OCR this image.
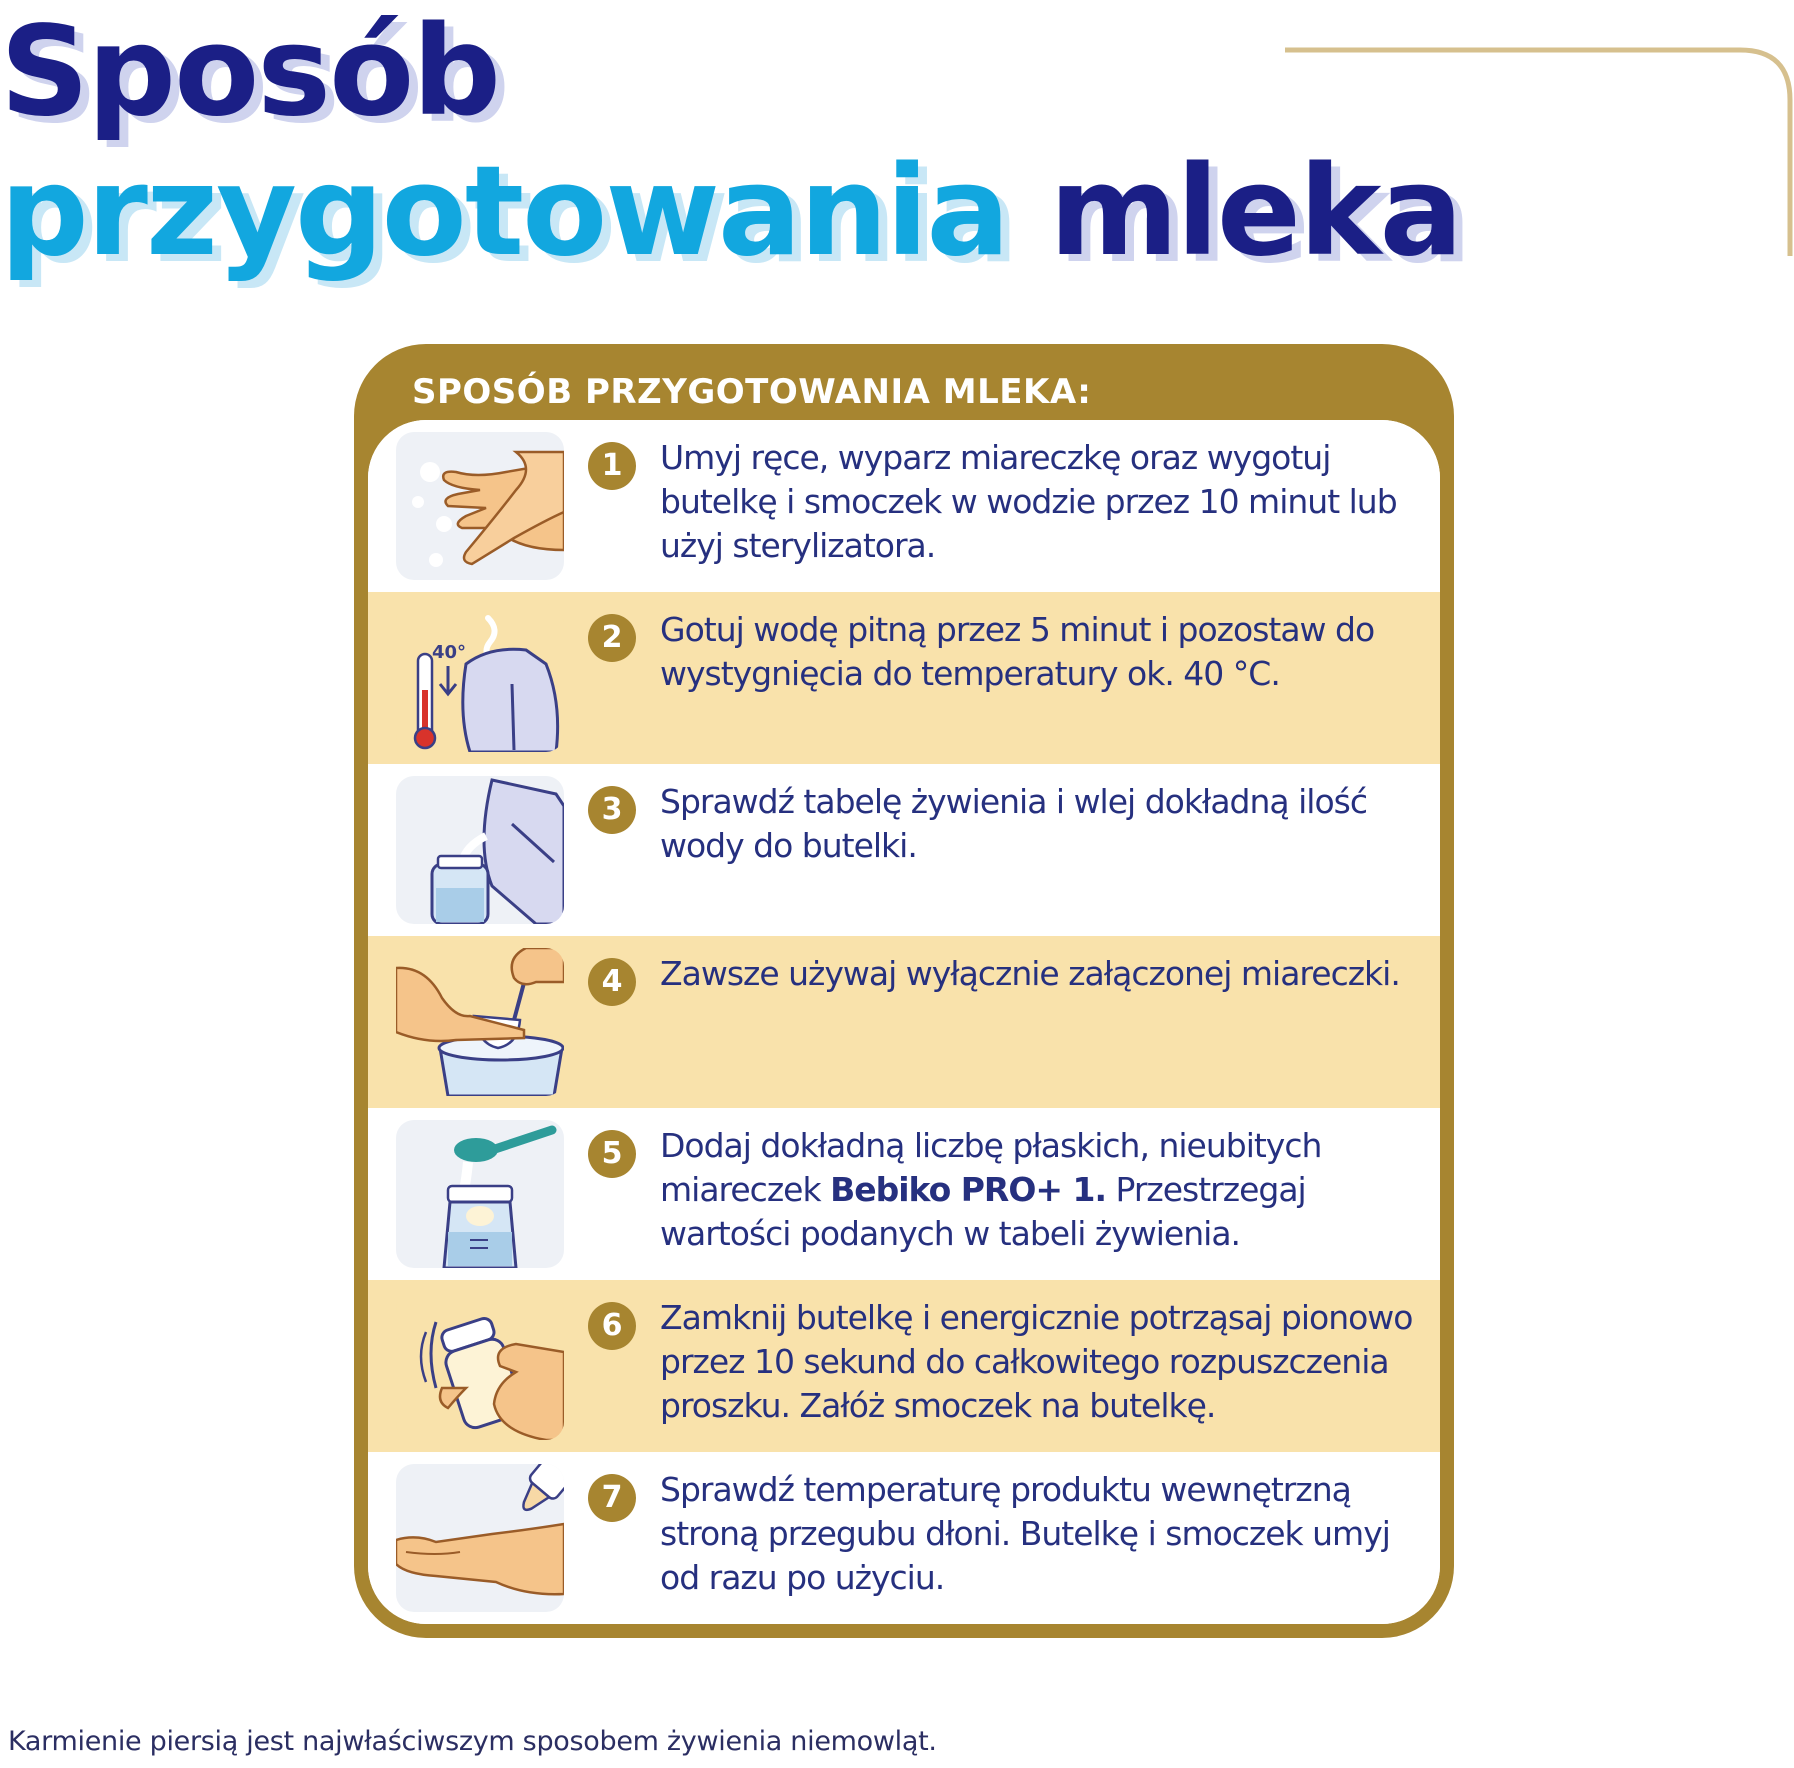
Sposób
przygotowania mleka
SPOSÓB PRZYGOTOWANIA MLEKA:
1	Umyj ręce, wyparz miareczkę oraz wygotuj butelkę i smoczek w wodzie przez 10 minut lub użyj sterylizatora.
40°	2	Gotuj wodę pitną przez 5 minut i pozostaw do wystygnięcia do temperatury ok. 40 °C.
3	Sprawdź tabelę żywienia i wlej dokładną ilość wody do butelki.
4	Zawsze używaj wyłącznie załączonej miareczki.
5	Dodaj dokładną liczbę płaskich, nieubitych miareczek Bebiko PRO+ 1. Przestrzegaj wartości podanych w tabeli żywienia.
6	Zamknij butelkę i energicznie potrząsaj pionowo przez 10 sekund do całkowitego rozpuszczenia proszku. Załóż smoczek na butelkę.
7	Sprawdź temperaturę produktu wewnętrzną stroną przegubu dłoni. Butelkę i smoczek umyj od razu po użyciu.

Karmienie piersią jest najwłaściwszym sposobem żywienia niemowląt.
